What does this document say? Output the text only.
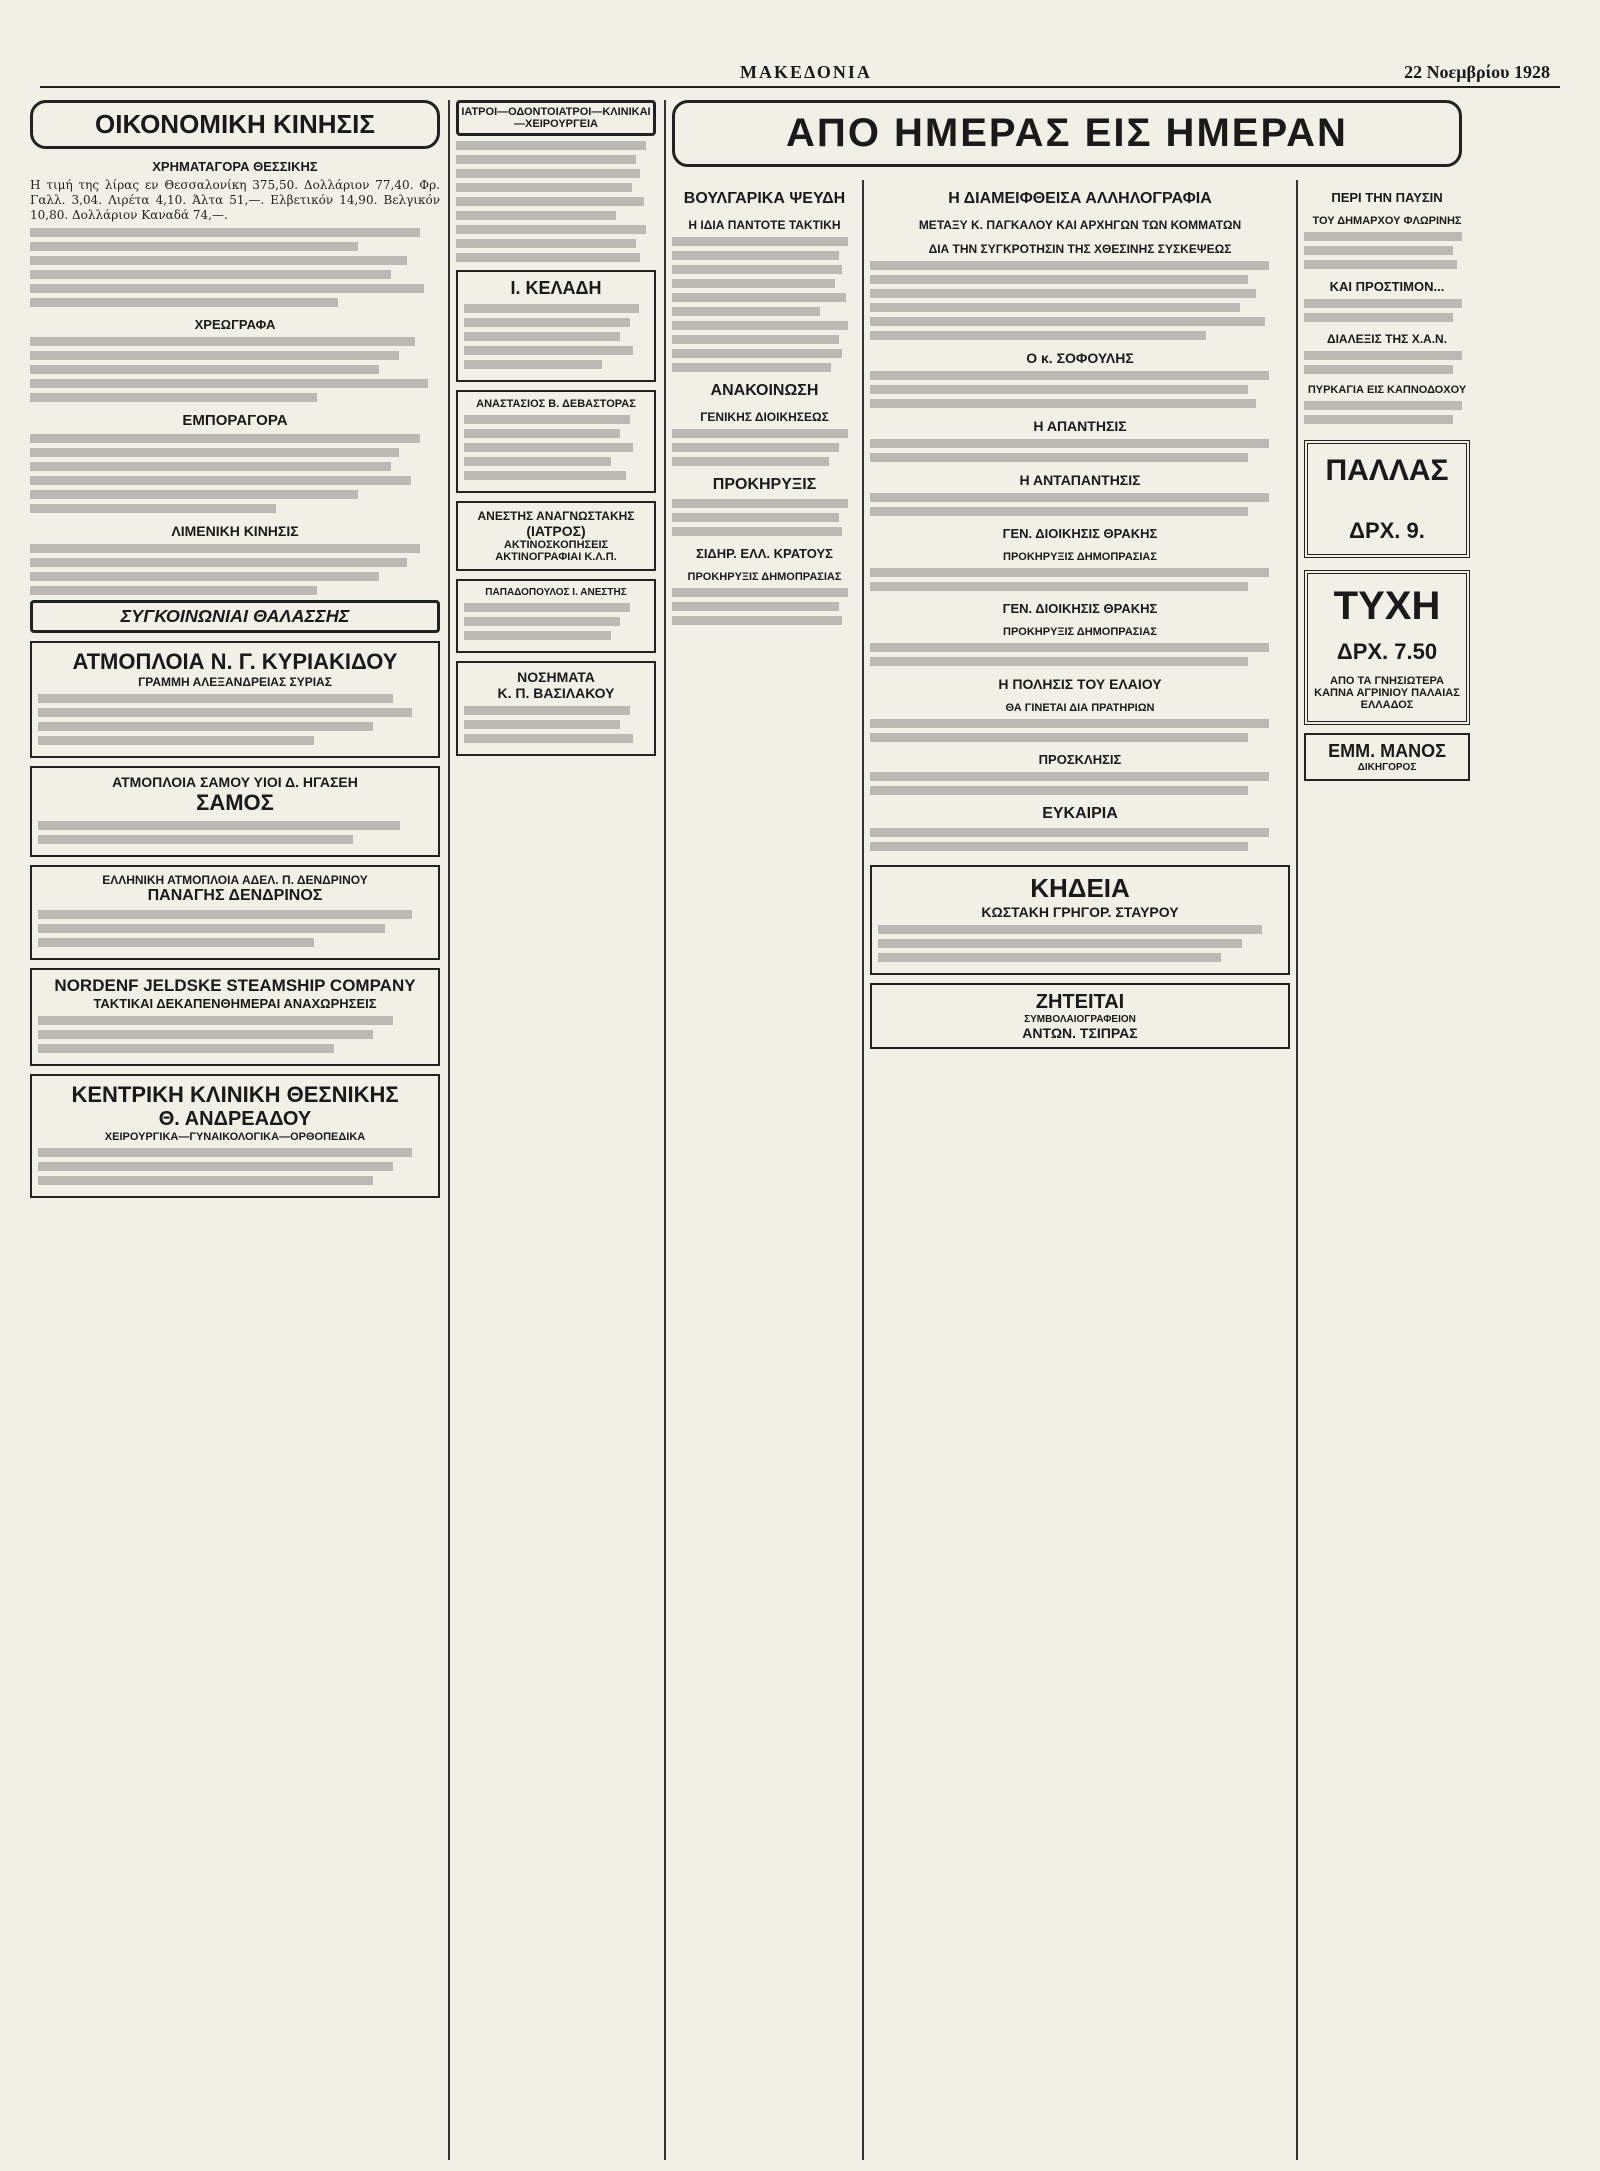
ΜΑΚΕΔΟΝΙΑ	22 Νοεμβρίου 1928
ΟΙΚΟΝΟΜΙΚΗ ΚΙΝΗΣΙΣ
ΧΡΗΜΑΤΑΓΟΡΑ ΘΕΣΣΙΚΗΣ
Η τιμή της λίρας εν Θεσσαλονίκη 375,50. Δολλάριον 77,40. Φρ. Γαλλ. 3,04. Λιρέτα 4,10. Άλτα 51,—. Ελβετικόν 14,90. Βελγικόν 10,80. Δολλάριον Καναδά 74,—.
ΧΡΕΩΓΡΑΦΑ
ΕΜΠΟΡΑΓΟΡΑ
ΛΙΜΕΝΙΚΗ ΚΙΝΗΣΙΣ
ΣΥΓΚΟΙΝΩΝΙΑΙ ΘΑΛΑΣΣΗΣ
ΑΤΜΟΠΛΟΙΑ Ν. Γ. ΚΥΡΙΑΚΙΔΟΥ
ΓΡΑΜΜΗ ΑΛΕΞΑΝΔΡΕΙΑΣ ΣΥΡΙΑΣ
ΑΤΜΟΠΛΟΙΑ ΣΑΜΟΥ ΥΙΟΙ Δ. ΗΓΑΣΕΗ
ΣΑΜΟΣ
ΕΛΛΗΝΙΚΗ ΑΤΜΟΠΛΟΙΑ ΑΔΕΛ. Π. ΔΕΝΔΡΙΝΟΥ
ΠΑΝΑΓΗΣ ΔΕΝΔΡΙΝΟΣ
NORDENF JELDSKE STEAMSHIP COMPANY
ΤΑΚΤΙΚΑΙ ΔΕΚΑΠΕΝΘΗΜΕΡΑΙ ΑΝΑΧΩΡΗΣΕΙΣ
ΚΕΝΤΡΙΚΗ ΚΛΙΝΙΚΗ ΘΕΣΝΙΚΗΣ
Θ. ΑΝΔΡΕΑΔΟΥ
ΧΕΙΡΟΥΡΓΙΚΑ—ΓΥΝΑΙΚΟΛΟΓΙΚΑ—ΟΡΘΟΠΕΔΙΚΑ
ΙΑΤΡΟΙ—ΟΔΟΝΤΟΙΑΤΡΟΙ—ΚΛΙΝΙΚΑΙ—ΧΕΙΡΟΥΡΓΕΙΑ
Ι. ΚΕΛΑΔΗ
ΑΝΑΣΤΑΣΙΟΣ Β. ΔΕΒΑΣΤΟΡΑΣ
ΑΝΕΣΤΗΣ ΑΝΑΓΝΩΣΤΑΚΗΣ
(ΙΑΤΡΟΣ)
ΑΚΤΙΝΟΣΚΟΠΗΣΕΙΣ
ΑΚΤΙΝΟΓΡΑΦΙΑΙ Κ.Λ.Π.
ΠΑΠΑΔΟΠΟΥΛΟΣ Ι. ΑΝΕΣΤΗΣ
ΝΟΣΗΜΑΤΑ
Κ. Π. ΒΑΣΙΛΑΚΟΥ
ΑΠΟ ΗΜΕΡΑΣ ΕΙΣ ΗΜΕΡΑΝ
ΒΟΥΛΓΑΡΙΚΑ ΨΕΥΔΗ
Η ΙΔΙΑ ΠΑΝΤΟΤΕ ΤΑΚΤΙΚΗ
ΑΝΑΚΟΙΝΩΣΗ
ΓΕΝΙΚΗΣ ΔΙΟΙΚΗΣΕΩΣ
ΠΡΟΚΗΡΥΞΙΣ
ΣΙΔΗΡ. ΕΛΛ. ΚΡΑΤΟΥΣ
ΠΡΟΚΗΡΥΞΙΣ ΔΗΜΟΠΡΑΣΙΑΣ
Η ΔΙΑΜΕΙΦΘΕΙΣΑ ΑΛΛΗΛΟΓΡΑΦΙΑ
ΜΕΤΑΞΥ Κ. ΠΑΓΚΑΛΟΥ ΚΑΙ ΑΡΧΗΓΩΝ ΤΩΝ ΚΟΜΜΑΤΩΝ
ΔΙΑ ΤΗΝ ΣΥΓΚΡΟΤΗΣΙΝ ΤΗΣ ΧΘΕΣΙΝΗΣ ΣΥΣΚΕΨΕΩΣ
Ο κ. ΣΟΦΟΥΛΗΣ
Η ΑΠΑΝΤΗΣΙΣ
Η ΑΝΤΑΠΑΝΤΗΣΙΣ
ΓΕΝ. ΔΙΟΙΚΗΣΙΣ ΘΡΑΚΗΣ
ΠΡΟΚΗΡΥΞΙΣ ΔΗΜΟΠΡΑΣΙΑΣ
ΓΕΝ. ΔΙΟΙΚΗΣΙΣ ΘΡΑΚΗΣ
ΠΡΟΚΗΡΥΞΙΣ ΔΗΜΟΠΡΑΣΙΑΣ
Η ΠΟΛΗΣΙΣ ΤΟΥ ΕΛΑΙΟΥ
ΘΑ ΓΙΝΕΤΑΙ ΔΙΑ ΠΡΑΤΗΡΙΩΝ
ΠΡΟΣΚΛΗΣΙΣ
ΕΥΚΑΙΡΙΑ
ΚΗΔΕΙΑ
ΚΩΣΤΑΚΗ ΓΡΗΓΟΡ. ΣΤΑΥΡΟΥ
ΖΗΤΕΙΤΑΙ
ΣΥΜΒΟΛΑΙΟΓΡΑΦΕΙΟΝ
ΑΝΤΩΝ. ΤΣΙΠΡΑΣ
ΠΕΡΙ ΤΗΝ ΠΑΥΣΙΝ
ΤΟΥ ΔΗΜΑΡΧΟΥ ΦΛΩΡΙΝΗΣ
ΚΑΙ ΠΡΟΣΤΙΜΟΝ...
ΔΙΑΛΕΞΙΣ ΤΗΣ Χ.Α.Ν.
ΠΥΡΚΑΓΙΑ ΕΙΣ ΚΑΠΝΟΔΟΧΟΥ
ΠΑΛΛΑΣ
ΔΡΧ. 9.
ΤΥΧΗ
ΔΡΧ. 7.50
ΑΠΟ ΤΑ ΓΝΗΣΙΩΤΕΡΑ ΚΑΠΝΑ ΑΓΡΙΝΙΟΥ ΠΑΛΑΙΑΣ ΕΛΛΑΔΟΣ
ΕΜΜ. ΜΑΝΟΣ
ΔΙΚΗΓΟΡΟΣ
